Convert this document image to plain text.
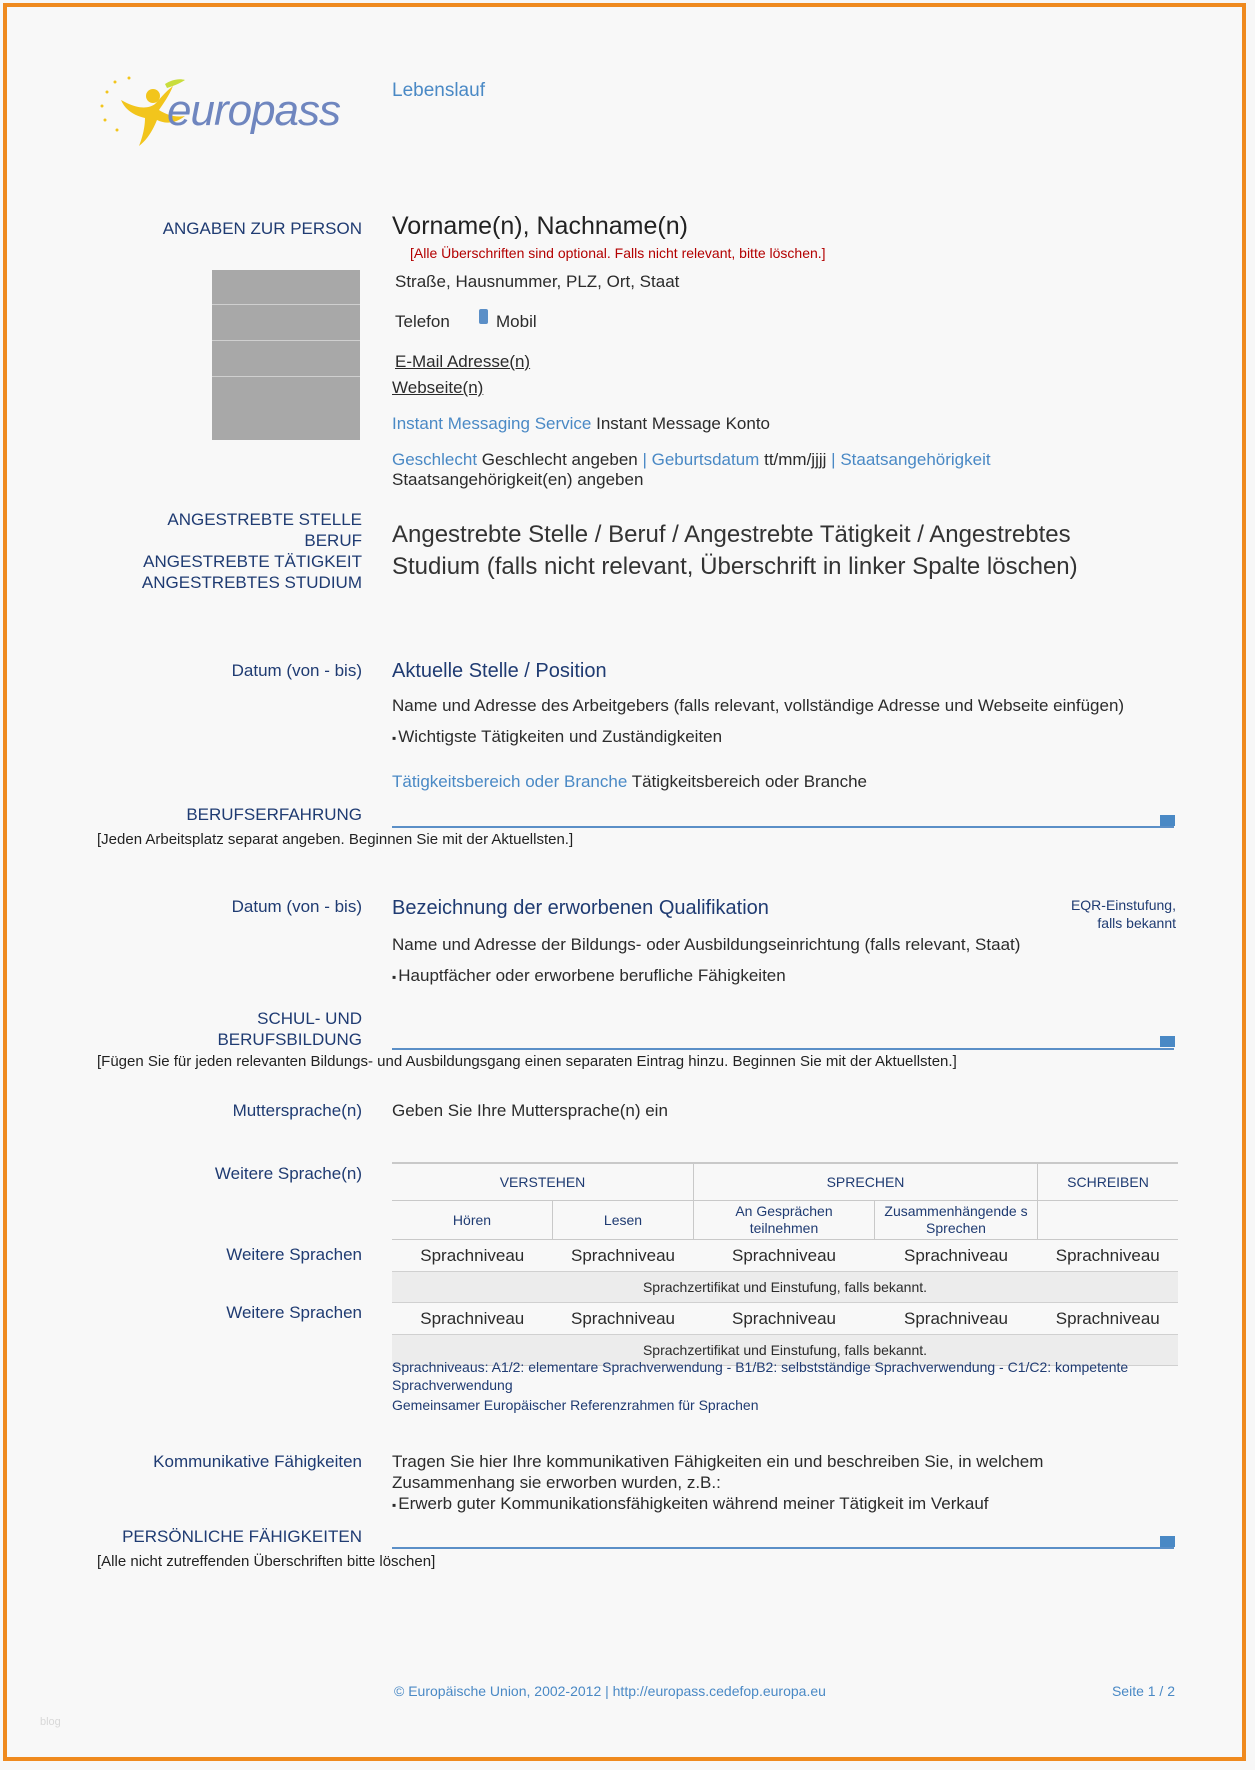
europass	Lebenslauf
ANGABEN ZUR PERSON Vorname(n), Nachname(n)
[Alle Überschriften sind optional. Falls nicht relevant, bitte löschen.]
Straße, Hausnummer, PLZ, Ort, Staat
Telefon	Mobil
E-Mail Adresse(n)
Webseite(n)
Instant Messaging Service Instant Message Konto
Geschlecht Geschlecht angeben | Geburtsdatum tt/mm/jjjj | Staatsangehörigkeit
Staatsangehörigkeit(en) angeben
ANGESTREBTE STELLE
BERUF
ANGESTREBTE TÄTIGKEIT
ANGESTREBTES STUDIUM
Angestrebte Stelle / Beruf / Angestrebte Tätigkeit / Angestrebtes
Studium (falls nicht relevant, Überschrift in linker Spalte löschen)
Datum (von - bis) Aktuelle Stelle / Position
Name und Adresse des Arbeitgebers (falls relevant, vollständige Adresse und Webseite einfügen)
▪ Wichtigste Tätigkeiten und Zuständigkeiten
Tätigkeitsbereich oder Branche Tätigkeitsbereich oder Branche
BERUFSERFAHRUNG
[Jeden Arbeitsplatz separat angeben. Beginnen Sie mit der Aktuellsten.]
Datum (von - bis) Bezeichnung der erworbenen Qualifikation	EQR-Einstufung,
falls bekannt
Name und Adresse der Bildungs- oder Ausbildungseinrichtung (falls relevant, Staat)
▪ Hauptfächer oder erworbene berufliche Fähigkeiten
SCHUL- UND
BERUFSBILDUNG
[Fügen Sie für jeden relevanten Bildungs- und Ausbildungsgang einen separaten Eintrag hinzu. Beginnen Sie mit der Aktuellsten.]
Muttersprache(n) Geben Sie Ihre Muttersprache(n) ein
Weitere Sprache(n)
Weitere Sprachen
Weitere Sprachen
VERSTEHEN		SPRECHEN		SCHREIBEN
Hören	Lesen	An Gesprächen teilnehmen	Zusammenhängende s Sprechen	
Sprachniveau	Sprachniveau	Sprachniveau	Sprachniveau	Sprachniveau
Sprachzertifikat und Einstufung, falls bekannt.				
Sprachniveau	Sprachniveau	Sprachniveau	Sprachniveau	Sprachniveau
Sprachzertifikat und Einstufung, falls bekannt.				
Sprachniveaus: A1/2: elementare Sprachverwendung - B1/B2: selbstständige Sprachverwendung - C1/C2: kompetente
Sprachverwendung
Gemeinsamer Europäischer Referenzrahmen für Sprachen
Kommunikative Fähigkeiten Tragen Sie hier Ihre kommunikativen Fähigkeiten ein und beschreiben Sie, in welchem
Zusammenhang sie erworben wurden, z.B.:
▪ Erwerb guter Kommunikationsfähigkeiten während meiner Tätigkeit im Verkauf
PERSÖNLICHE FÄHIGKEITEN
[Alle nicht zutreffenden Überschriften bitte löschen]
© Europäische Union, 2002-2012 | http://europass.cedefop.europa.eu	Seite 1 / 2
blog
